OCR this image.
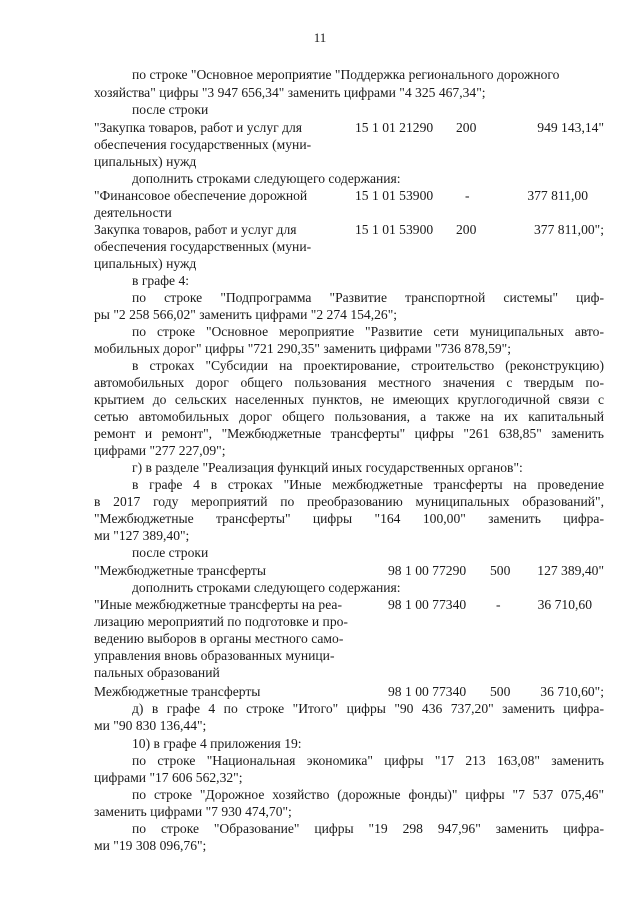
11
по строке "Основное мероприятие "Поддержка регионального дорожного
хозяйства" цифры "3 947 656,34" заменить цифрами "4 325 467,34";
после строки
"Закупка товаров, работ и услуг для	15 1 01 21290 200	949 143,14"
обеспечения государственных (муни-
ципальных) нужд
дополнить строками следующего содержания:
"Финансовое обеспечение дорожной	15 1 01 53900 -	377 811,00
деятельности
Закупка товаров, работ и услуг для	15 1 01 53900 200	377 811,00";
обеспечения государственных (муни-
ципальных) нужд
в графе 4:
по строке "Подпрограмма "Развитие транспортной системы" циф-
ры "2 258 566,02" заменить цифрами "2 274 154,26";
по строке "Основное мероприятие "Развитие сети муниципальных авто-
мобильных дорог" цифры "721 290,35" заменить цифрами "736 878,59";
в строках "Субсидии на проектирование, строительство (реконструкцию)
автомобильных дорог общего пользования местного значения с твердым по-
крытием до сельских населенных пунктов, не имеющих круглогодичной связи с
сетью автомобильных дорог общего пользования, а также на их капитальный
ремонт и ремонт", "Межбюджетные трансферты" цифры "261 638,85" заменить
цифрами "277 227,09";
г) в разделе "Реализация функций иных государственных органов":
в графе 4 в строках "Иные межбюджетные трансферты на проведение
в 2017 году мероприятий по преобразованию муниципальных образований",
"Межбюджетные трансферты" цифры "164 100,00" заменить цифра-
ми "127 389,40";
после строки
"Межбюджетные трансферты	98 1 00 77290 500 127 389,40"
дополнить строками следующего содержания:
"Иные межбюджетные трансферты на реа-	98 1 00 77340 -	36 710,60
лизацию мероприятий по подготовке и про-
ведению выборов в органы местного само-
управления вновь образованных муници-
пальных образований
Межбюджетные трансферты	98 1 00 77340 500 36 710,60";
д) в графе 4 по строке "Итого" цифры "90 436 737,20" заменить цифра-
ми "90 830 136,44";
10) в графе 4 приложения 19:
по строке "Национальная экономика" цифры "17 213 163,08" заменить
цифрами "17 606 562,32";
по строке "Дорожное хозяйство (дорожные фонды)" цифры "7 537 075,46"
заменить цифрами "7 930 474,70";
по строке "Образование" цифры "19 298 947,96" заменить цифра-
ми "19 308 096,76";
